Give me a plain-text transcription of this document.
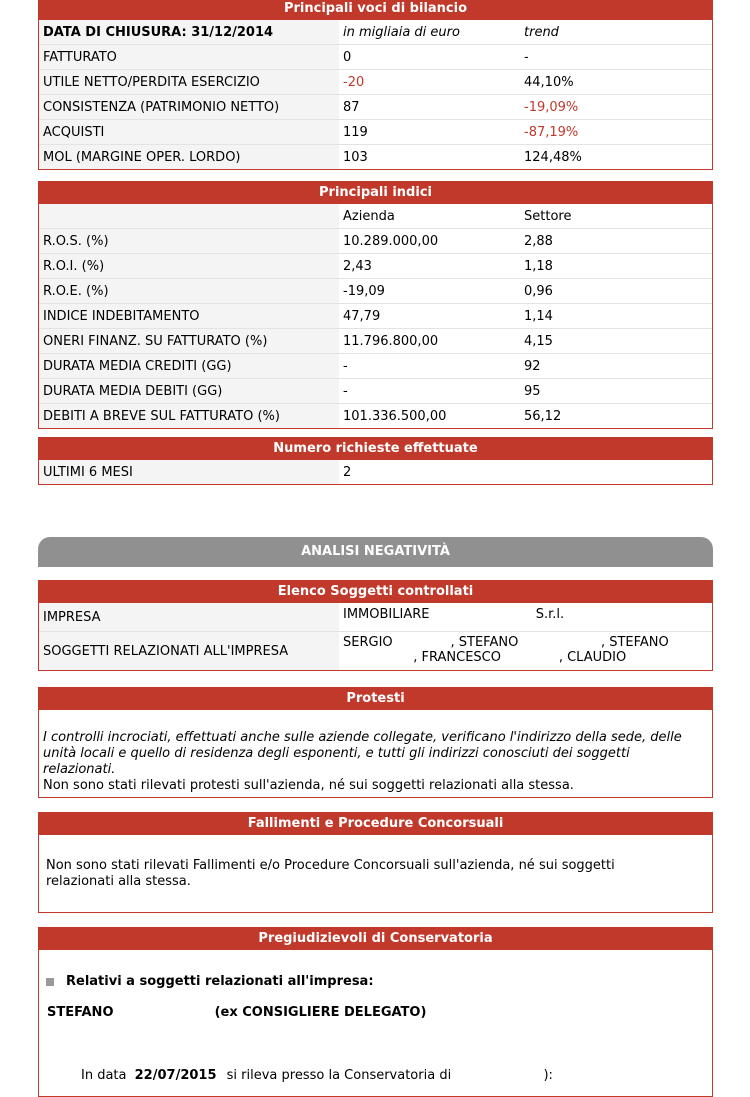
Principali voci di bilancio
DATA DI CHIUSURA: 31/12/2014	in migliaia di euro	trend
FATTURATO	0	-
UTILE NETTO/PERDITA ESERCIZIO	-20	44,10%
CONSISTENZA (PATRIMONIO NETTO)	87	-19,09%
ACQUISTI	119	-87,19%
MOL (MARGINE OPER. LORDO)	103	124,48%
Principali indici
	Azienda	Settore
R.O.S. (%)	10.289.000,00	2,88
R.O.I. (%)	2,43	1,18
R.O.E. (%)	-19,09	0,96
INDICE INDEBITAMENTO	47,79	1,14
ONERI FINANZ. SU FATTURATO (%)	11.796.800,00	4,15
DURATA MEDIA CREDITI (GG)	-	92
DURATA MEDIA DEBITI (GG)	-	95
DEBITI A BREVE SUL FATTURATO (%)	101.336.500,00	56,12
Numero richieste effettuate
ULTIMI 6 MESI	2
ANALISI NEGATIVITÀ
Elenco Soggetti controllati
IMPRESA	IMMOBILIARE S.r.l.
SOGGETTI RELAZIONATI ALL'IMPRESA	SERGIO              , STEFANO                    , STEFANO
, FRANCESCO              , CLAUDIO
Protesti
I controlli incrociati, effettuati anche sulle aziende collegate, verificano l'indirizzo della sede, delle unità locali e quello di residenza degli esponenti, e tutti gli indirizzi conosciuti dei soggetti relazionati.
Non sono stati rilevati protesti sull'azienda, né sui soggetti relazionati alla stessa.
Fallimenti e Procedure Concorsuali
Non sono stati rilevati Fallimenti e/o Procedure Concorsuali sull'azienda, né sui soggetti relazionati alla stessa.
Pregiudizievoli di Conservatoria
Relativi a soggetti relazionati all'impresa:
STEFANO	(ex CONSIGLIERE DELEGATO)
In data 22/07/2015 si rileva presso la Conservatoria di	):
